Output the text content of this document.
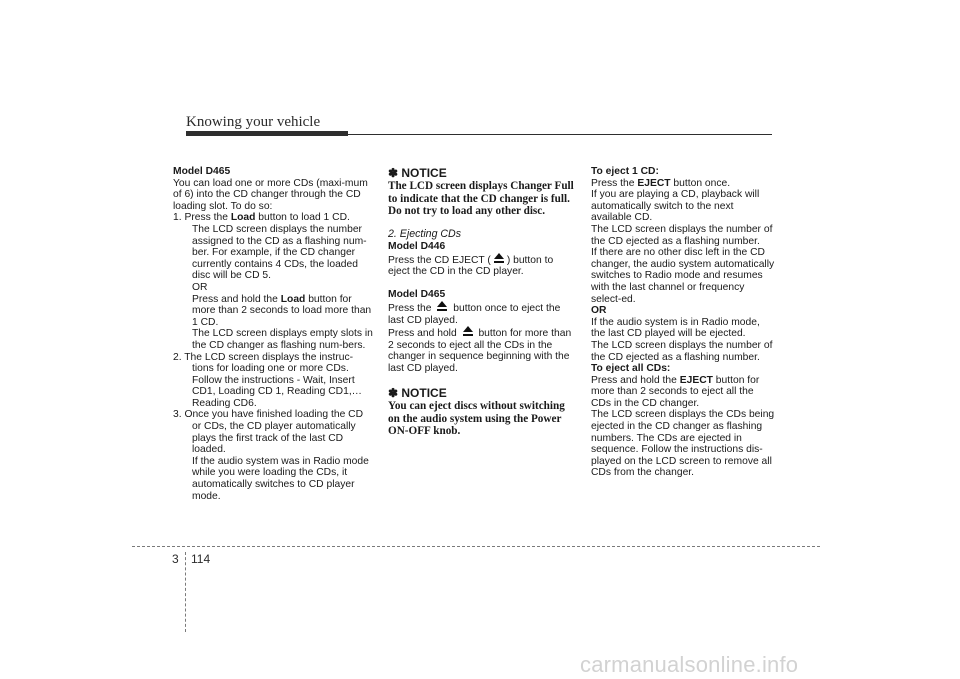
Knowing your vehicle

Model D465

You can load one or more CDs (maxi-mum of 6) into the CD changer through the CD loading slot. To do so:

1. Press the Load button to load 1 CD.

The LCD screen displays the number assigned to the CD as a flashing num-ber. For example, if the CD changer currently contains 4 CDs, the loaded disc will be CD 5.

OR

Press and hold the Load button for more than 2 seconds to load more than 1 CD.

The LCD screen displays empty slots in the CD changer as flashing num-bers.

2. The LCD screen displays the instruc-tions for loading one or more CDs. Follow the instructions - Wait, Insert CD1, Loading CD 1, Reading CD1,… Reading CD6.

3. Once you have finished loading the CD or CDs, the CD player automatically plays the first track of the last CD loaded.

If the audio system was in Radio mode while you were loading the CDs, it automatically switches to CD player mode.

✽ NOTICE

The LCD screen displays Changer Full to indicate that the CD changer is full. Do not try to load any other disc.

2. Ejecting CDs

Model D446

Press the CD EJECT ( ) button to eject the CD in the CD player.

Model D465

Press the button once to eject the last CD played.

Press and hold button for more than 2 seconds to eject all the CDs in the changer in sequence beginning with the last CD played.

✽ NOTICE

You can eject discs without switching on the audio system using the Power ON-OFF knob.

To eject 1 CD:

Press the EJECT button once.

If you are playing a CD, playback will automatically switch to the next available CD.

The LCD screen displays the number of the CD ejected as a flashing number.

If there are no other disc left in the CD changer, the audio system automatically switches to Radio mode and resumes with the last channel or frequency select-ed.

OR

If the audio system is in Radio mode, the last CD played will be ejected.

The LCD screen displays the number of the CD ejected as a flashing number.

To eject all CDs:

Press and hold the EJECT button for more than 2 seconds to eject all the CDs in the CD changer.

The LCD screen displays the CDs being ejected in the CD changer as flashing numbers. The CDs are ejected in sequence. Follow the instructions dis-played on the LCD screen to remove all CDs from the changer.

3 114
carmanualsonline.info
